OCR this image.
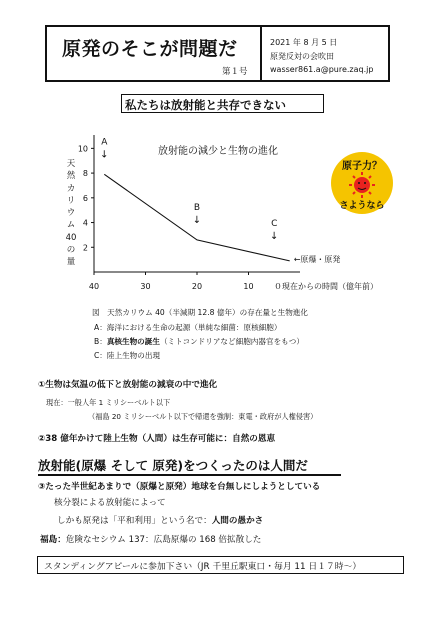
原発のそこが問題だ
第１号
2021 年 8 月 5 日
原発反対の会吹田
wasser861.a@pure.zaq.jp
私たちは放射能と共存できない
放射能の減少と生物の進化
天然カリウム40の量
10
8
6
4
2
40	30	20	10
A
↓
B
↓	C
↓
←原爆・原発
０現在からの時間（億年前）
原子力？
さようなら
図　天然カリウム 40（半減期 12.8 億年）の存在量と生物進化
A：海洋における生命の起源（単純な細菌：原核細胞）
B：真核生物の誕生（ミトコンドリアなど細胞内器官をもつ）
C：陸上生物の出現
①生物は気温の低下と放射能の減衰の中で進化
現在：一般人年 1 ミリシーベルト以下
（福島 20 ミリシーベルト以下で帰還を強制：東電・政府が人権侵害）
②38 億年かけて陸上生物（人間）は生存可能に：自然の恩恵
放射能(原爆 そして 原発)をつくったのは人間だ
③たった半世紀あまりで（原爆と原発）地球を台無しにしようとしている
核分裂による放射能によって
しかも原発は「平和利用」という名で：人間の愚かさ
福島：危険なセシウム 137：広島原爆の 168 倍拡散した
スタンディングアピールに参加下さい（JR 千里丘駅東口・毎月 11 日１７時～）
